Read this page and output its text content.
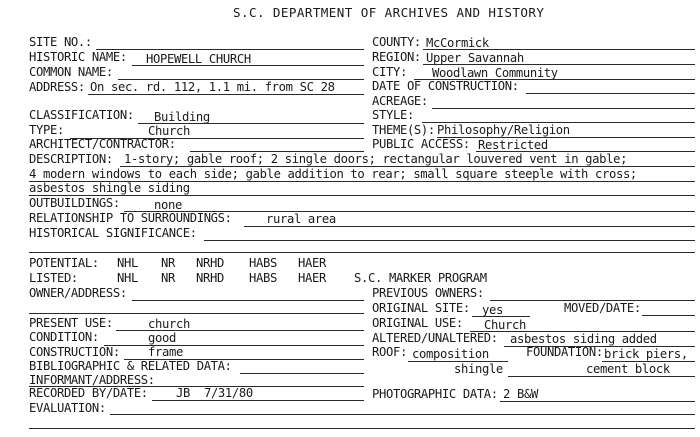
S.C. DEPARTMENT OF ARCHIVES AND HISTORY
SITE NO.:
HISTORIC NAME: HOPEWELL CHURCH
COMMON NAME:
ADDRESS: On sec. rd. 112, 1.1 mi. from SC 28
CLASSIFICATION: Building
TYPE:	Church
ARCHITECT/CONTRACTOR:
COUNTY: McCormick
REGION: Upper Savannah
CITY: Woodlawn Community
DATE OF CONSTRUCTION:
ACREAGE:
STYLE:
THEME(S): Philosophy/Religion
PUBLIC ACCESS: Restricted
DESCRIPTION: 1-story; gable roof; 2 single doors; rectangular louvered vent in gable;
4 modern windows to each side; gable addition to rear; small square steeple with cross;
asbestos shingle siding
OUTBUILDINGS:	none
RELATIONSHIP TO SURROUNDINGS:	rural area
HISTORICAL SIGNIFICANCE:
POTENTIAL: NHL NR NRHD HABS HAER
LISTED:	NHL NR NRHD HABS HAER S.C. MARKER PROGRAM
OWNER/ADDRESS:	PREVIOUS OWNERS:
ORIGINAL SITE: yes	MOVED/DATE:
PRESENT USE:	church	ORIGINAL USE: Church
CONDITION:	good	ALTERED/UNALTERED: asbestos siding added
CONSTRUCTION: frame	ROOF: composition
shingle
FOUNDATION: brick piers,
cement block
BIBLIOGRAPHIC & RELATED DATA:
INFORMANT/ADDRESS:
RECORDED BY/DATE: JB  7/31/80	PHOTOGRAPHIC DATA: 2 B&W
EVALUATION:
